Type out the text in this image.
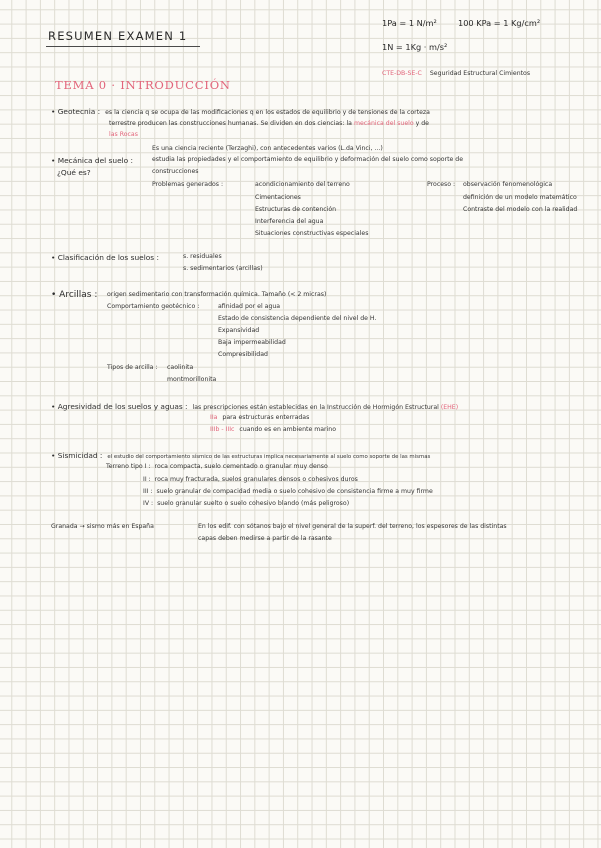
RESUMEN EXAMEN 1
1Pa = 1 N/m²	100 KPa = 1 Kg/cm²
1N = 1Kg · m/s²
CTE-DB-SE-C Seguridad Estructural Cimientos
TEMA 0 · INTRODUCCIÓN
• Geotecnia : es la ciencia q se ocupa de las modificaciones q en los estados de equilibrio y de tensiones de la corteza
terrestre producen las construcciones humanas. Se dividen en dos ciencias: la mecánica del suelo y de
las Rocas
Es una ciencia reciente (Terzaghi), con antecedentes varios (L.da Vinci, ...)
• Mecánica del suelo :	estudia las propiedades y el comportamiento de equilibrio y deformación del suelo como soporte de
¿Qué es?	construcciones
Problemas generados :	acondicionamiento del terreno
Cimentaciones
Estructuras de contención
Interferencia del agua
Situaciones constructivas especiales
Proceso : observación fenomenológica
definición de un modelo matemático
Contraste del modelo con la realidad
• Clasificación de los suelos :	s. residuales
s. sedimentarios (arcillas)
• Arcillas : origen sedimentario con transformación química. Tamaño (< 2 micras)
Comportamiento geotécnico :	afinidad por el agua
Estado de consistencia dependiente del nivel de H.
Expansividad
Baja impermeabilidad
Compresibilidad
Tipos de arcilla : caolinita
montmorillonita
• Agresividad de los suelos y aguas : las prescripciones están establecidas en la Instrucción de Hormigón Estructural (EHE)
IIa para estructuras enterradas
IIIb - IIIc cuando es en ambiente marino
• Sismicidad : el estudio del comportamiento sísmico de las estructuras implica necesariamente al suelo como soporte de las mismas
Terreno tipo I : roca compacta, suelo cementado o granular muy denso
II : roca muy fracturada, suelos granulares densos o cohesivos duros
III : suelo granular de compacidad media o suelo cohesivo de consistencia firme a muy firme
IV : suelo granular suelto o suelo cohesivo blando (más peligroso)
Granada → sismo más en España	En los edif. con sótanos bajo el nivel general de la superf. del terreno, los espesores de las distintas
capas deben medirse a partir de la rasante
